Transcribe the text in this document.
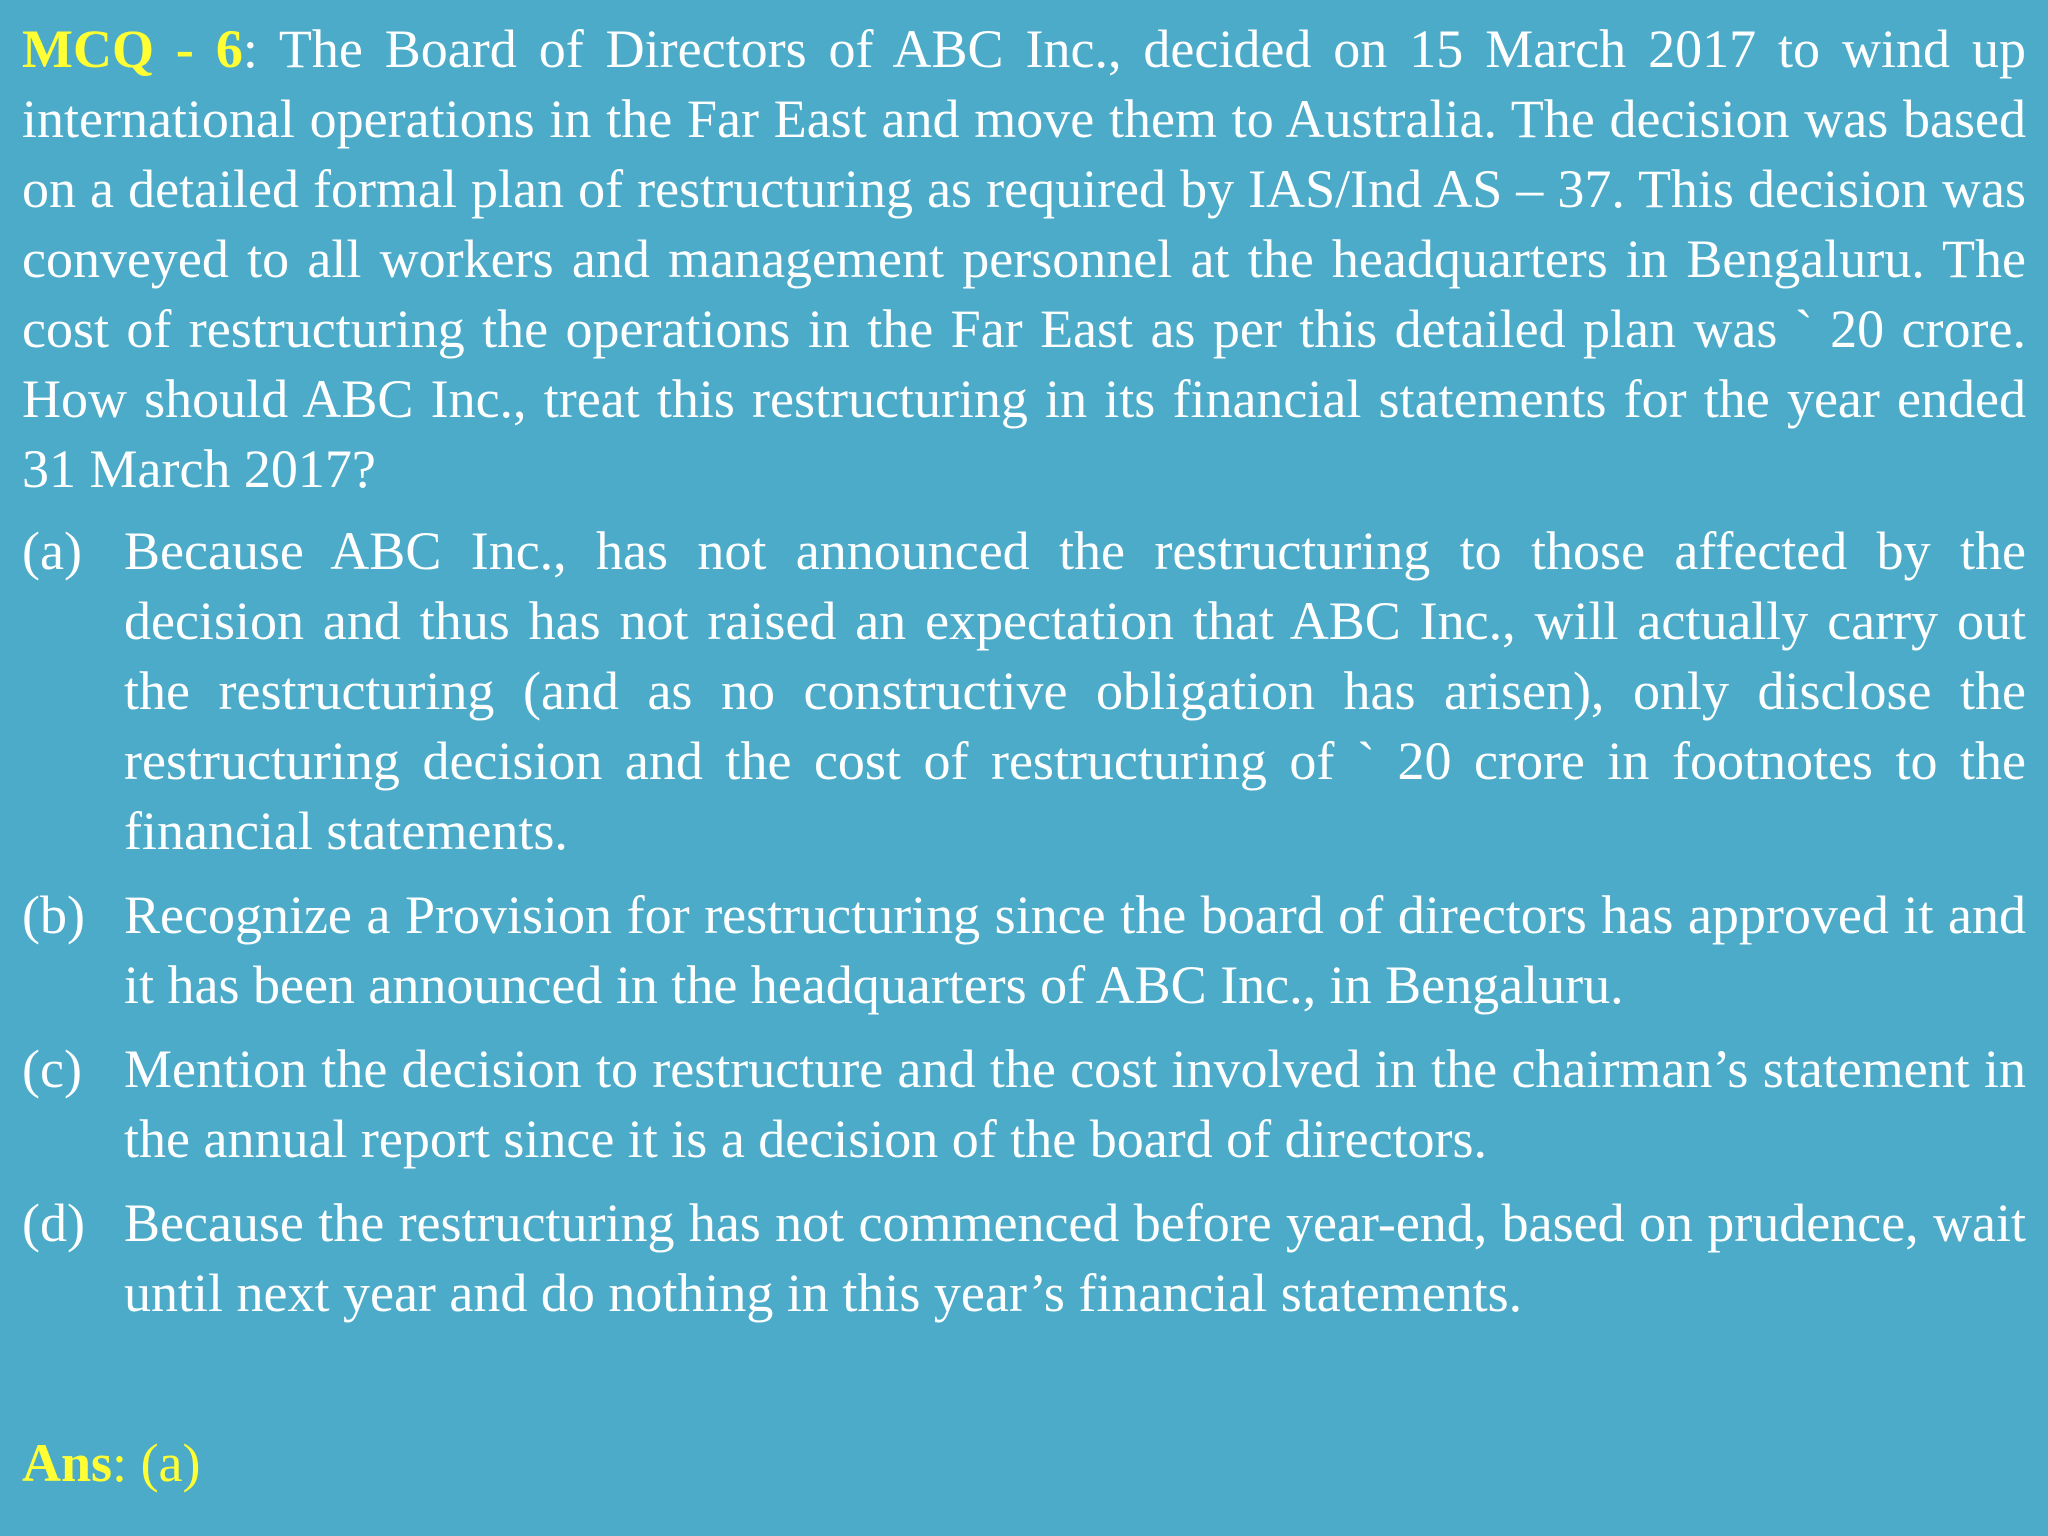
MCQ - 6: The Board of Directors of ABC Inc., decided on 15 March 2017 to wind up international operations in the Far East and move them to Australia. The decision was based on a detailed formal plan of restructuring as required by IAS/Ind AS – 37. This decision was conveyed to all workers and management personnel at the headquarters in Bengaluru. The cost of restructuring the operations in the Far East as per this detailed plan was ` 20 crore. How should ABC Inc., treat this restructuring in its financial statements for the year ended 31 March 2017?

(a) Because ABC Inc., has not announced the restructuring to those affected by the decision and thus has not raised an expectation that ABC Inc., will actually carry out the restructuring (and as no constructive obligation has arisen), only disclose the restructuring decision and the cost of restructuring of ` 20 crore in footnotes to the financial statements.
(b) Recognize a Provision for restructuring since the board of directors has approved it and it has been announced in the headquarters of ABC Inc., in Bengaluru.
(c) Mention the decision to restructure and the cost involved in the chairman’s statement in the annual report since it is a decision of the board of directors.
(d) Because the restructuring has not commenced before year-end, based on prudence, wait until next year and do nothing in this year’s financial statements.

Ans: (a)
